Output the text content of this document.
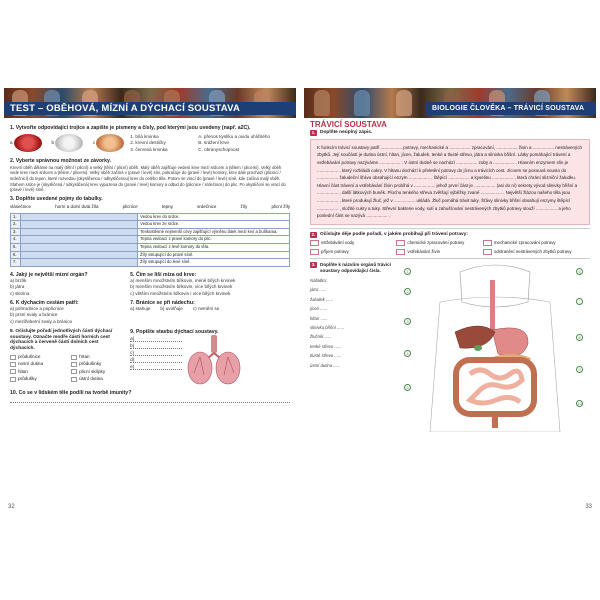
TEST – OBĚHOVÁ, MÍZNÍ A DÝCHACÍ SOUSTAVA
1. Vytvořte odpovídající trojice a zapište je písmeny a čísly, pod kterými jsou uvedeny (např. a2C).
a	b	c
1. bílá krvinka
2. krevní destičky
3. červená krvinka
A. přenos kyslíku a oxidu uhličitého
B. srážení krve
C. obranyschopnost
2. Vyberte správnou možnost ze závorky.
Krevní oběh děláme na malý (tělní / plicní) a velký (tělní / plicní) oběh. Malý oběh zajišťuje vedení krve mezi srdcem a (tělem / plicemi). Velký oběh vede krev mezi srdcem a (tělem / plicemi). Velký oběh začíná v (pravé / levé) síni, pokračuje do (pravé / levé) komory, krev dále prochází (plicnicí / srdečnicí) do tepen, které rozvedou (okysličenou / odkysličenou) krev do celého těla. Potom se vrací do (pravé / levé) síně, kde začíná malý oběh. Stahem srdce je (okysličená / odkysličená) krev vypuzena do (pravé / levé) komory a odtud do (plicnice / srdečnice) do plic. Po okysličení se vrací do (pravé / levé) síně.
3. Doplňte uvedené pojmy do tabulky.
vlásečnice	horní a dolní dutá žíla	plicnice	tepny	srdečnice	žíly	plicní žíly
1.		Vedou krev do srdce.
2.		Vedou krev ze srdce.
3.		Tenkostěnné nejmenší cévy zajišťující výměnu látek mezi krví a buňkama.
4.		Tepna vedoucí z pravé komory do plic.
5.		Tepna vedoucí z levé komory do těla.
6.		Žíly vstupující do pravé síně.
7.		Žíly vstupující do levé síně.
4. Jaký je největší mízní orgán?
a) brzlík
b) játra
c) slezina
6. K dýchacím cestám patří:
a) pohrudnice a poplicnice
b) prsní svaly a bránice
c) mezižeberní svaly a bránice
5. Čím se liší míza od krve:
a) menším množstvím bílkovin, méně bílých krvinek
b) menším množstvím bílkovin, více bílých krvinek
c) větším množstvím bílkovin i více bílých krvinek
7. Bránice se při nádechu:
a) stahuje b) uvolňuje c) nemění se
8. Očíslujte pořadí jednotlivých částí dýchací soustavy. Označte modře části horních cest dýchacích a červeně části dolních cest dýchacích.
průdušnice	hrtan
nosní dutina	průdušinky
hltan	plicní sklípky
průdušky	ústní dutina
9. Popište stavbu dýchací soustavy.
a)
b)
c)
d)
e)
10. Co se v lidském těle podílí na tvorbě imunity?
32
BIOLOGIE ČLOVĚKA – TRÁVICÍ SOUSTAVA
TRÁVICÍ SOUSTAVA
1. Doplňte neúplný zápis.
K funkcím trávicí soustavy patří ................. potravy, mechanické a ................. zpracování, ................. živin a ................. nestrávených zbytků. Její součástí je dutina ústní, hltan, jícen, žaludek, tenké a tlusté střevo, játra a slinivka břišní. Látky pomáhající trávení a vstřebávání potravy nazýváme ................. . V ústní dutině se nachází ................. zuby a ................. . Hlavním enzymem slin je ................. , který rozkládá cukry. V hltanu dochází k přeletění potravy do jícnu a trávicích cest. Jícnem se posouvá sousto do ................. žaludeční šťávu obsahující enzym ................. , štěpící ................. a kyselinu ................. , která chrání slizniční žaludku. Hlavní část trávení a vstřebávání živin probíhá v ................. jehož první část je ................. (asi do ní) sekrety vývod slinivky břišní a ................. , další látkových buněk. Plochu tenkého střeva zvětšují výběžky zvané ................. . Největší žlázou našeho těla jsou ................. , které produkují žluč, jež v ................. ukládá. Žluč pomáhá trávit tuky. Šťávy slinivky břišní obsahují enzymy štěpící ................. , složité cukry a tuky. Střevní bakterie vody, solí a zahušťování nestrávených zbytků potravy slouží ................. a jeho poslední část se nazývá ................. .
2. Očíslujte děje podle pořadí, v jakém probíhají při trávení potravy:
vstřebávání vody	chemické zpracování potravy	mechanické zpracování potravy
příjem potravy	vstřebávání živin	odstranění nestrávených zbytků potravy
3. Doplňte k názvům orgánů trávicí soustavy odpovídající čísla.
Nábidka:
játra ......
žaludek ......
jícen ......
hltan ......
slinivka břišní ......
žlučník ......
tenké střevo ......
tlusté střevo ......
ústní dutina ......
1
2
3
4
5
6
7
8
9
10
33
